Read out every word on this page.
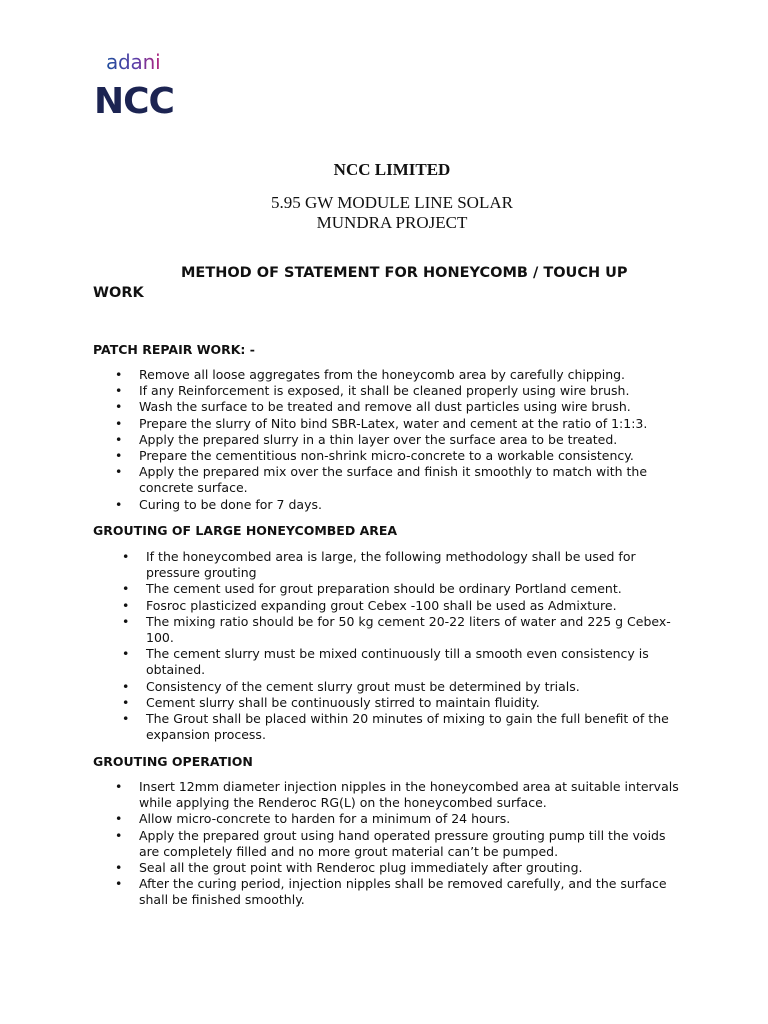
adani
NCC
NCC LIMITED
5.95 GW MODULE LINE SOLAR
MUNDRA PROJECT
METHOD OF STATEMENT FOR HONEYCOMB / TOUCH UP WORK
PATCH REPAIR WORK: -
• Remove all loose aggregates from the honeycomb area by carefully chipping.
• If any Reinforcement is exposed, it shall be cleaned properly using wire brush.
• Wash the surface to be treated and remove all dust particles using wire brush.
• Prepare the slurry of Nito bind SBR-Latex, water and cement at the ratio of 1:1:3.
• Apply the prepared slurry in a thin layer over the surface area to be treated.
• Prepare the cementitious non-shrink micro-concrete to a workable consistency.
• Apply the prepared mix over the surface and finish it smoothly to match with the concrete surface.
• Curing to be done for 7 days.
GROUTING OF LARGE HONEYCOMBED AREA
• If the honeycombed area is large, the following methodology shall be used for pressure grouting
• The cement used for grout preparation should be ordinary Portland cement.
• Fosroc plasticized expanding grout Cebex -100 shall be used as Admixture.
• The mixing ratio should be for 50 kg cement 20-22 liters of water and 225 g Cebex-100.
• The cement slurry must be mixed continuously till a smooth even consistency is obtained.
• Consistency of the cement slurry grout must be determined by trials.
• Cement slurry shall be continuously stirred to maintain fluidity.
• The Grout shall be placed within 20 minutes of mixing to gain the full benefit of the expansion process.
GROUTING OPERATION
• Insert 12mm diameter injection nipples in the honeycombed area at suitable intervals while applying the Renderoc RG(L) on the honeycombed surface.
• Allow micro-concrete to harden for a minimum of 24 hours.
• Apply the prepared grout using hand operated pressure grouting pump till the voids are completely filled and no more grout material can’t be pumped.
• Seal all the grout point with Renderoc plug immediately after grouting.
• After the curing period, injection nipples shall be removed carefully, and the surface shall be finished smoothly.
